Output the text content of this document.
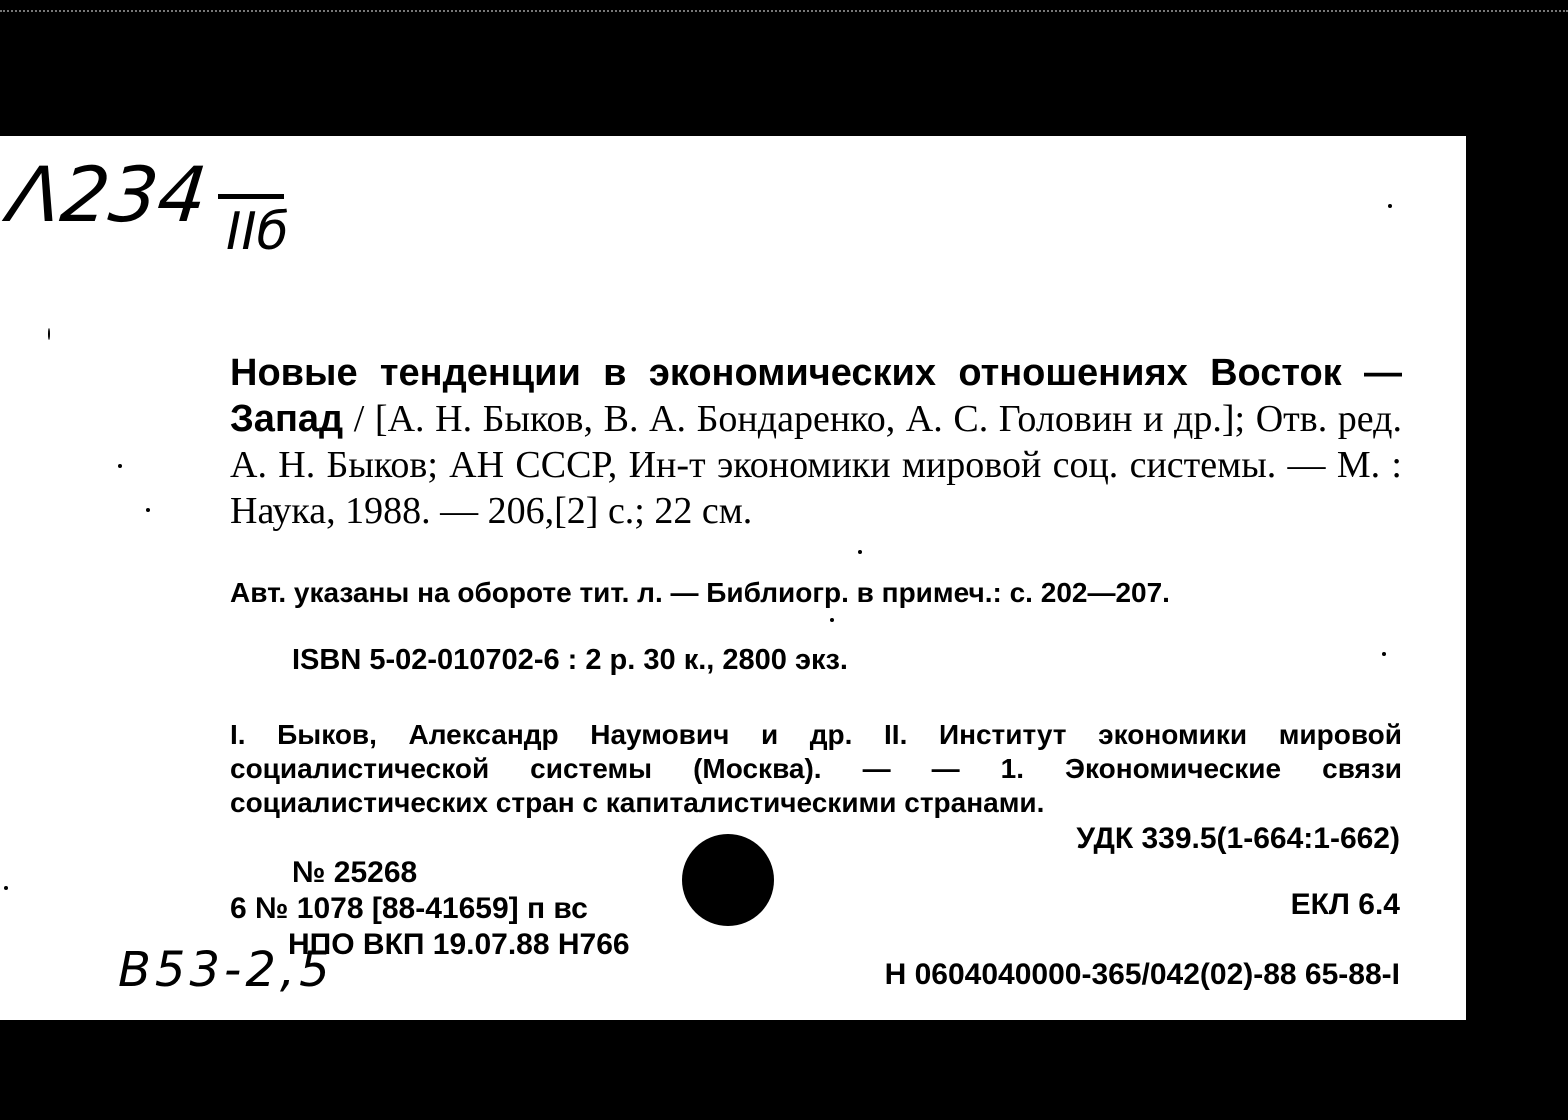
Λ234 IIб
Новые тенденции в экономических отношениях Восток — Запад / [А. Н. Быков, В. А. Бондаренко, А. С. Головин и др.]; Отв. ред. А. Н. Быков; АН СССР, Ин-т экономики мировой соц. системы. — М. : Наука, 1988. — 206,[2] с.; 22 см.
Авт. указаны на обороте тит. л. — Библиогр. в примеч.: с. 202—207.
ISBN 5-02-010702-6 : 2 р. 30 к., 2800 экз.
I. Быков, Александр Наумович и др. II. Институт экономики мировой социалистической системы (Москва). — — 1. Экономические связи социалистических стран с капиталистическими странами.
УДК 339.5(1-664:1-662)
№ 25268
6 № 1078 [88-41659] п вс
НПО ВКП 19.07.88 Н766
ЕКЛ 6.4
Н 0604040000-365/042(02)-88 65-88-I
B53-2,5
